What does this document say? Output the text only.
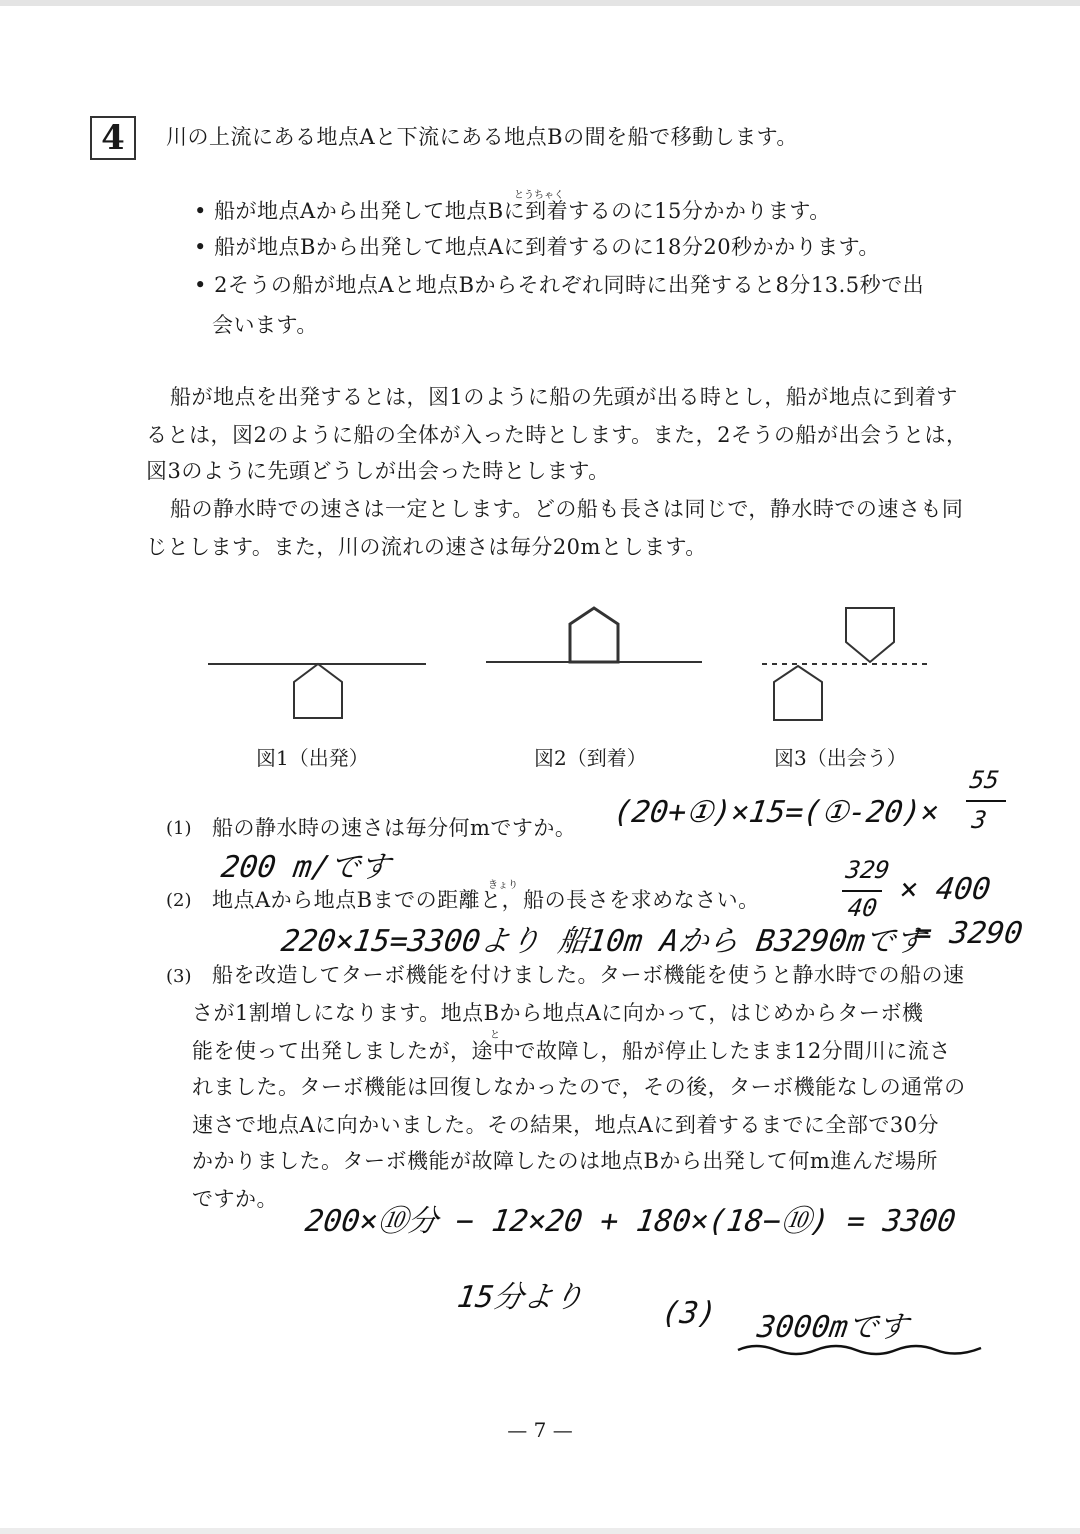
4	川の上流にある地点Aと下流にある地点Bの間を船で移動します。
とうちゃく
• 船が地点Aから出発して地点Bに到着するのに15分かかります。
• 船が地点Bから出発して地点Aに到着するのに18分20秒かかります。
• 2そうの船が地点Aと地点Bからそれぞれ同時に出発すると8分13.5秒で出
会います。
船が地点を出発するとは，図1のように船の先頭が出る時とし，船が地点に到着す
るとは，図2のように船の全体が入った時とします。また，2そうの船が出会うとは，
図3のように先頭どうしが出会った時とします。
船の静水時での速さは一定とします。どの船も長さは同じで，静水時での速さも同
じとします。また，川の流れの速さは毎分20mとします。
図1（出発）	図2（到着）	図3（出会う）
(1) 船の静水時の速さは毎分何mですか。
きょり
(2) 地点Aから地点Bまでの距離と，船の長さを求めなさい。
(3) 船を改造してターボ機能を付けました。ターボ機能を使うと静水時での船の速
さが1割増しになります。地点Bから地点Aに向かって，はじめからターボ機
と
能を使って出発しましたが，途中で故障し，船が停止したまま12分間川に流さ
れました。ターボ機能は回復しなかったので，その後，ターボ機能なしの通常の
速さで地点Aに向かいました。その結果，地点Aに到着するまでに全部で30分
かかりました。ターボ機能が故障したのは地点Bから出発して何m進んだ場所
ですか。
(20+①)×15=(①-20)×
55
3
200 m/です	329
40
× 400
220×15=3300より 船10m Aから B3290mです
= 3290
200×⑩分 − 12×20 + 180×(18−⑩) = 3300
15分より (3) 3000mです
— 7 —
